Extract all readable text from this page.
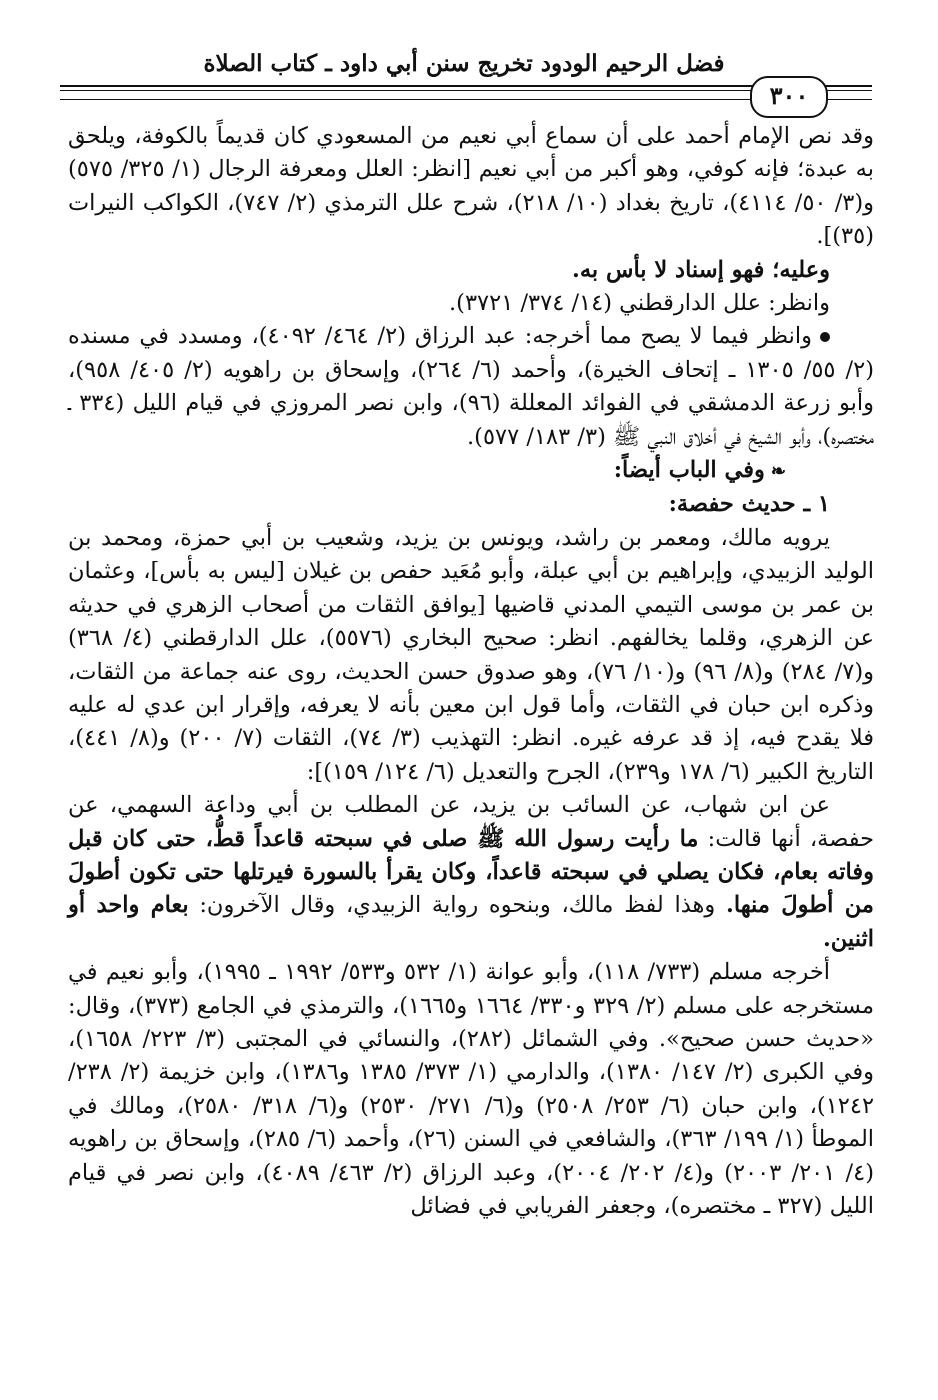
فضل الرحيم الودود تخريج سنن أبي داود ـ كتاب الصلاة
٣٠٠

وقد نص الإمام أحمد على أن سماع أبي نعيم من المسعودي كان قديماً بالكوفة، ويلحق به عبدة؛ فإنه كوفي، وهو أكبر من أبي نعيم [انظر: العلل ومعرفة الرجال (١/ ٣٢٥/ ٥٧٥) و(٣/ ٥٠/ ٤١١٤)، تاريخ بغداد (١٠/ ٢١٨)، شرح علل الترمذي (٢/ ٧٤٧)، الكواكب النيرات (٣٥)].

وعليه؛ فهو إسناد لا بأس به.

وانظر: علل الدارقطني (١٤/ ٣٧٤/ ٣٧٢١).

وانظر فيما لا يصح مما أخرجه: عبد الرزاق (٢/ ٤٦٤/ ٤٠٩٢)، ومسدد في مسنده (٢/ ٥٥/ ١٣٠٥ ـ إتحاف الخيرة)، وأحمد (٦/ ٢٦٤)، وإسحاق بن راهويه (٢/ ٤٠٥/ ٩٥٨)، وأبو زرعة الدمشقي في الفوائد المعللة (٩٦)، وابن نصر المروزي في قيام الليل (٣٣٤ ـ مختصره)، وأبو الشيخ في أخلاق النبي ﷺ (٣/ ١٨٣/ ٥٧٧).

❧وفي الباب أيضاً:

١ ـ حديث حفصة:

يرويه مالك، ومعمر بن راشد، ويونس بن يزيد، وشعيب بن أبي حمزة، ومحمد بن الوليد الزبيدي، وإبراهيم بن أبي عبلة، وأبو مُعَيد حفص بن غيلان [ليس به بأس]، وعثمان بن عمر بن موسى التيمي المدني قاضيها [يوافق الثقات من أصحاب الزهري في حديثه عن الزهري، وقلما يخالفهم. انظر: صحيح البخاري (٥٥٧٦)، علل الدارقطني (٤/ ٣٦٨) و(٧/ ٢٨٤) و(٨/ ٩٦) و(١٠/ ٧٦)، وهو صدوق حسن الحديث، روى عنه جماعة من الثقات، وذكره ابن حبان في الثقات، وأما قول ابن معين بأنه لا يعرفه، وإقرار ابن عدي له عليه فلا يقدح فيه، إذ قد عرفه غيره. انظر: التهذيب (٣/ ٧٤)، الثقات (٧/ ٢٠٠) و(٨/ ٤٤١)، التاريخ الكبير (٦/ ١٧٨ و٢٣٩)، الجرح والتعديل (٦/ ١٢٤/ ١٥٩)]:

عن ابن شهاب، عن السائب بن يزيد، عن المطلب بن أبي وداعة السهمي، عن حفصة، أنها قالت: ما رأيت رسول الله ﷺ صلى في سبحته قاعداً قطُّ، حتى كان قبل وفاته بعام، فكان يصلي في سبحته قاعداً، وكان يقرأ بالسورة فيرتلها حتى تكون أطولَ من أطولَ منها. وهذا لفظ مالك، وبنحوه رواية الزبيدي، وقال الآخرون: بعام واحد أو اثنين.

أخرجه مسلم (٧٣٣/ ١١٨)، وأبو عوانة (١/ ٥٣٢ و٥٣٣/ ١٩٩٢ ـ ١٩٩٥)، وأبو نعيم في مستخرجه على مسلم (٢/ ٣٢٩ و٣٣٠/ ١٦٦٤ و١٦٦٥)، والترمذي في الجامع (٣٧٣)، وقال: «حديث حسن صحيح». وفي الشمائل (٢٨٢)، والنسائي في المجتبى (٣/ ٢٢٣/ ١٦٥٨)، وفي الكبرى (٢/ ١٤٧/ ١٣٨٠)، والدارمي (١/ ٣٧٣/ ١٣٨٥ و١٣٨٦)، وابن خزيمة (٢/ ٢٣٨/ ١٢٤٢)، وابن حبان (٦/ ٢٥٣/ ٢٥٠٨) و(٦/ ٢٧١/ ٢٥٣٠) و(٦/ ٣١٨/ ٢٥٨٠)، ومالك في الموطأ (١/ ١٩٩/ ٣٦٣)، والشافعي في السنن (٢٦)، وأحمد (٦/ ٢٨٥)، وإسحاق بن راهويه (٤/ ٢٠١/ ٢٠٠٣) و(٤/ ٢٠٢/ ٢٠٠٤)، وعبد الرزاق (٢/ ٤٦٣/ ٤٠٨٩)، وابن نصر في قيام الليل (٣٢٧ ـ مختصره)، وجعفر الفريابي في فضائل
